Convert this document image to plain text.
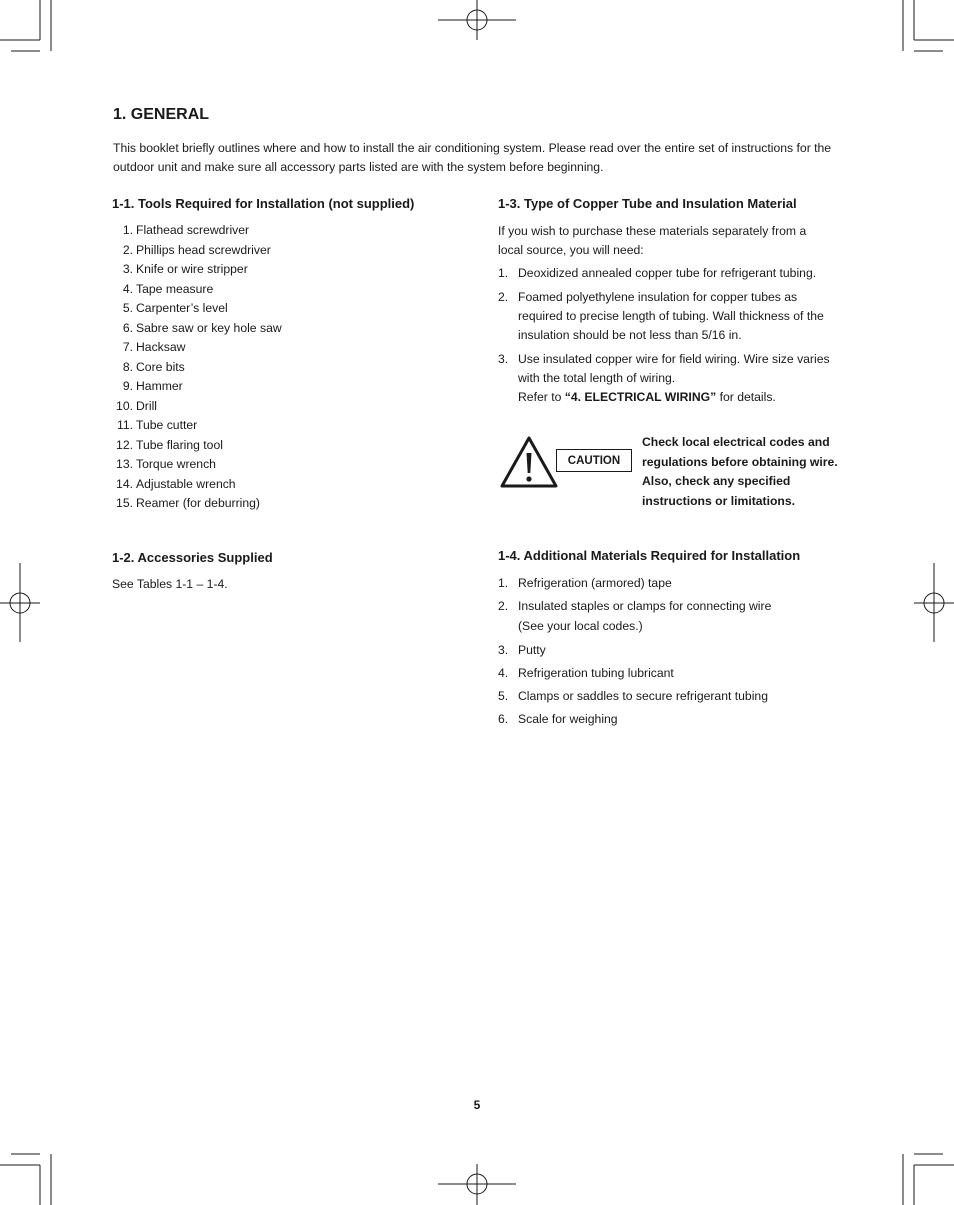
1. GENERAL

This booklet briefly outlines where and how to install the air conditioning system. Please read over the entire set of instructions for the outdoor unit and make sure all accessory parts listed are with the system before beginning.

1-1. Tools Required for Installation (not supplied)
1. Flathead screwdriver
2. Phillips head screwdriver
3. Knife or wire stripper
4. Tape measure
5. Carpenter’s level
6. Sabre saw or key hole saw
7. Hacksaw
8. Core bits
9. Hammer
10. Drill
11. Tube cutter
12. Tube flaring tool
13. Torque wrench
14. Adjustable wrench
15. Reamer (for deburring)
1-2. Accessories Supplied
See Tables 1-1 – 1-4.
1-3. Type of Copper Tube and Insulation Material
If you wish to purchase these materials separately from a local source, you will need:
1. Deoxidized annealed copper tube for refrigerant tubing.
2. Foamed polyethylene insulation for copper tubes as required to precise length of tubing. Wall thickness of the insulation should be not less than 5/16 in.
3. Use insulated copper wire for field wiring. Wire size varies with the total length of wiring.
Refer to “4. ELECTRICAL WIRING” for details.
CAUTION
Check local electrical codes and regulations before obtaining wire. Also, check any specified instructions or limitations.
1-4. Additional Materials Required for Installation
1. Refrigeration (armored) tape
2. Insulated staples or clamps for connecting wire
(See your local codes.)
3. Putty
4. Refrigeration tubing lubricant
5. Clamps or saddles to secure refrigerant tubing
6. Scale for weighing
5
